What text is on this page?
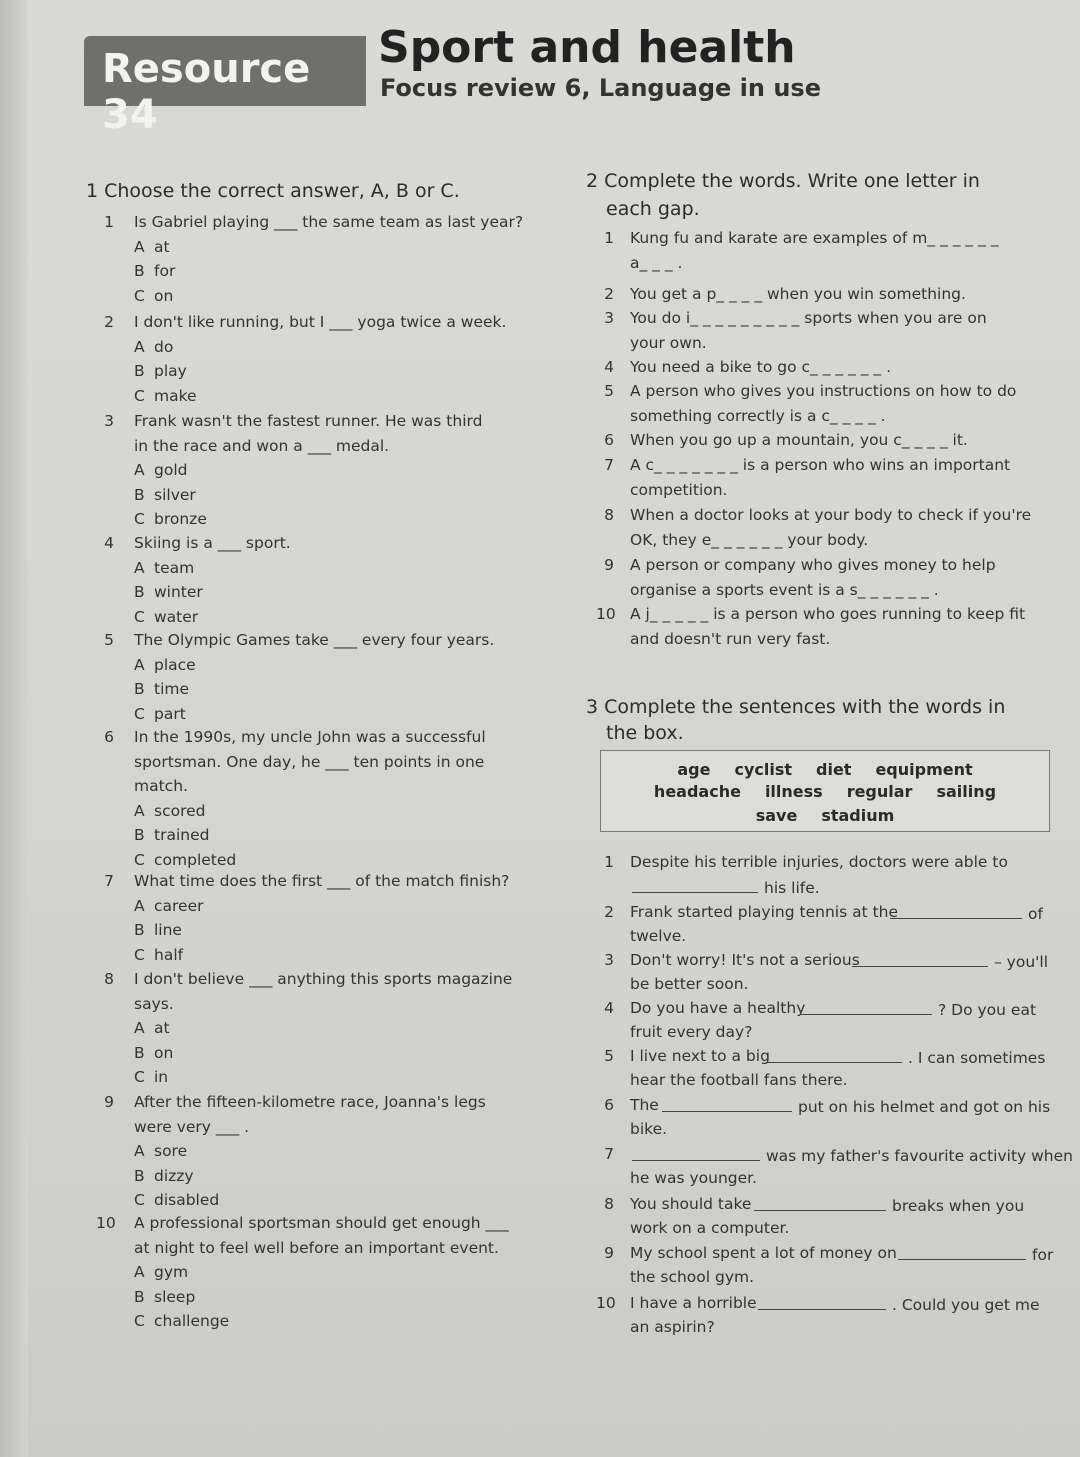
Resource 34
Sport and health
Focus review 6, Language in use
1 Choose the correct answer, A, B or C.
1 Is Gabriel playing ___ the same team as last year?
A at
B for
C on
2 I don't like running, but I ___ yoga twice a week.
A do
B play
C make
3 Frank wasn't the fastest runner. He was third
in the race and won a ___ medal.
A gold
B silver
C bronze
4 Skiing is a ___ sport.
A team
B winter
C water
5 The Olympic Games take ___ every four years.
A place
B time
C part
6 In the 1990s, my uncle John was a successful
sportsman. One day, he ___ ten points in one
match.
A scored
B trained
C completed
7 What time does the first ___ of the match finish?
A career
B line
C half
8 I don't believe ___ anything this sports magazine
says.
A at
B on
C in
9 After the fifteen-kilometre race, Joanna's legs
were very ___ .
A sore
B dizzy
C disabled
10 A professional sportsman should get enough ___
at night to feel well before an important event.
A gym
B sleep
C challenge
2 Complete the words. Write one letter in
each gap.
1 Kung fu and karate are examples of m_ _ _ _ _ _
a_ _ _ .
2 You get a p_ _ _ _ when you win something.
3 You do i_ _ _ _ _ _ _ _ _ sports when you are on
your own.
4 You need a bike to go c_ _ _ _ _ _ .
5 A person who gives you instructions on how to do
something correctly is a c_ _ _ _ .
6 When you go up a mountain, you c_ _ _ _ it.
7 A c_ _ _ _ _ _ _ is a person who wins an important
competition.
8 When a doctor looks at your body to check if you're
OK, they e_ _ _ _ _ _ your body.
9 A person or company who gives money to help
organise a sports event is a s_ _ _ _ _ _ .
10 A j_ _ _ _ _ is a person who goes running to keep fit
and doesn't run very fast.
3 Complete the sentences with the words in
the box.
age cyclist diet equipment
headache illness regular sailing
save stadium
1 Despite his terrible injuries, doctors were able to
his life.
2 Frank started playing tennis at the
twelve.
of
3 Don't worry! It's not a serious
be better soon.
– you'll
4 Do you have a healthy
fruit every day?
? Do you eat
5 I live next to a big
hear the football fans there.
. I can sometimes
6 The
bike.
put on his helmet and got on his
7
he was younger.
was my father's favourite activity when
8 You should take
work on a computer.
breaks when you
9 My school spent a lot of money on
the school gym.
for
10 I have a horrible
an aspirin?
. Could you get me
